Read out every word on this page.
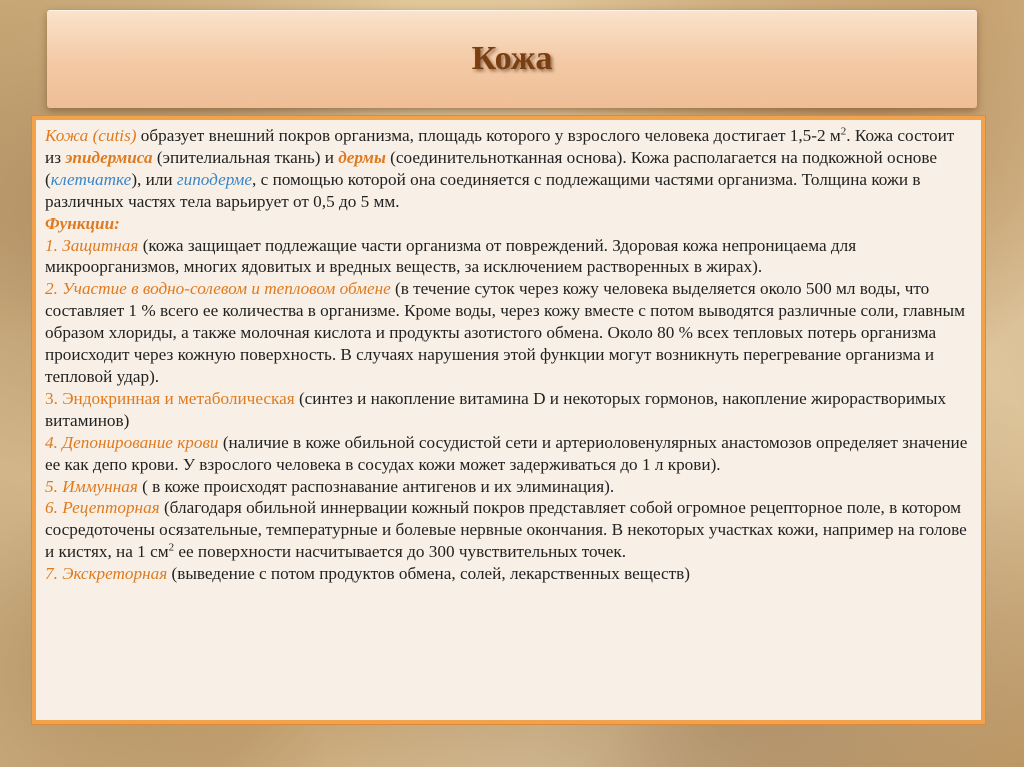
Кожа

Кожа (cutis) образует внешний покров организма, площадь которого у взрослого человека достигает 1,5-2 $м^2$. Кожа состоит из эпидермиса (эпителиальная ткань) и дермы (соединительнотканная основа). Кожа располагается на подкожной основе (клетчатке), или гиподерме, с помощью которой она соединяется с подлежащими частями организма. Толщина кожи в различных частях тела варьирует от 0,5 до 5 мм.

Функции:

1. Защитная (кожа защищает подлежащие части организма от повреждений. Здоровая кожа непроницаема для микроорганизмов, многих ядовитых и вредных веществ, за исключением растворенных в жирах).

2. Участие в водно-солевом и тепловом обмене (в течение суток через кожу человека выделяется около 500 мл воды, что составляет 1 % всего ее количества в организме. Кроме воды, через кожу вместе с потом выводятся различные соли, главным образом хлориды, а также молочная кислота и продукты азотистого обмена. Около 80 % всех тепловых потерь организма происходит через кожную поверхность. В случаях нарушения этой функции могут возникнуть перегревание организма и тепловой удар).

3. Эндокринная и метаболическая (синтез и накопление витамина D и некоторых гормонов, накопление жирорастворимых витаминов)

4. Депонирование крови (наличие в коже обильной сосудистой сети и артериоловенулярных анастомозов определяет значение ее как депо крови. У взрослого человека в сосудах кожи может задерживаться до 1 л крови).

5. Иммунная ( в коже происходят распознавание антигенов и их элиминация).

6. Рецепторная (благодаря обильной иннервации кожный покров представляет собой огромное рецепторное поле, в котором сосредоточены осязательные, температурные и болевые нервные окончания. В некоторых участках кожи, например на голове и кистях, на 1 $см^2$ ее поверхности насчитывается до 300 чувствительных точек.

7. Экскреторная (выведение с потом продуктов обмена, солей, лекарственных веществ)
